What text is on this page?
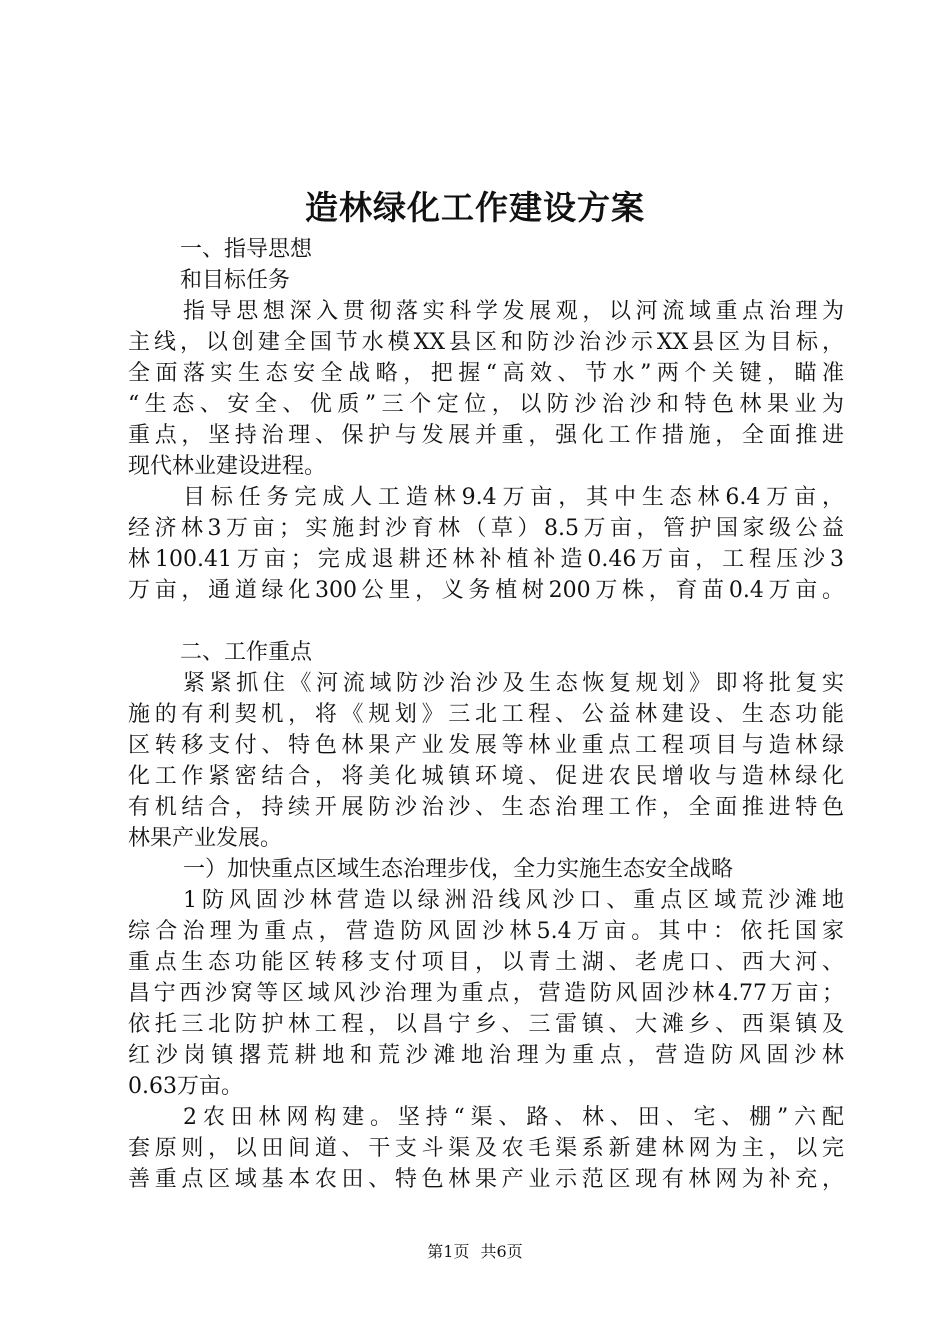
造林绿化工作建设方案
一、指导思想
和目标任务
指导思想深入贯彻落实科学发展观，以河流域重点治理为
主线，以创建全国节水模XX县区和防沙治沙示XX县区为目标，
全面落实生态安全战略，把握“高效、节水”两个关键，瞄准
“生态、安全、优质”三个定位，以防沙治沙和特色林果业为
重点，坚持治理、保护与发展并重，强化工作措施，全面推进
现代林业建设进程。
目标任务完成人工造林9.4万亩，其中生态林6.4万亩，
经济林3万亩；实施封沙育林（草）8.5万亩，管护国家级公益
林100.41万亩；完成退耕还林补植补造0.46万亩，工程压沙3
万亩，通道绿化300公里，义务植树200万株，育苗0.4万亩。
二、工作重点
紧紧抓住《河流域防沙治沙及生态恢复规划》即将批复实
施的有利契机，将《规划》三北工程、公益林建设、生态功能
区转移支付、特色林果产业发展等林业重点工程项目与造林绿
化工作紧密结合，将美化城镇环境、促进农民增收与造林绿化
有机结合，持续开展防沙治沙、生态治理工作，全面推进特色
林果产业发展。
一）加快重点区域生态治理步伐，全力实施生态安全战略
1防风固沙林营造以绿洲沿线风沙口、重点区域荒沙滩地
综合治理为重点，营造防风固沙林5.4万亩。其中：依托国家
重点生态功能区转移支付项目，以青土湖、老虎口、西大河、
昌宁西沙窝等区域风沙治理为重点，营造防风固沙林4.77万亩；
依托三北防护林工程，以昌宁乡、三雷镇、大滩乡、西渠镇及
红沙岗镇撂荒耕地和荒沙滩地治理为重点，营造防风固沙林
0.63万亩。
2农田林网构建。坚持“渠、路、林、田、宅、棚”六配
套原则，以田间道、干支斗渠及农毛渠系新建林网为主，以完
善重点区域基本农田、特色林果产业示范区现有林网为补充，
第1页 共6页
